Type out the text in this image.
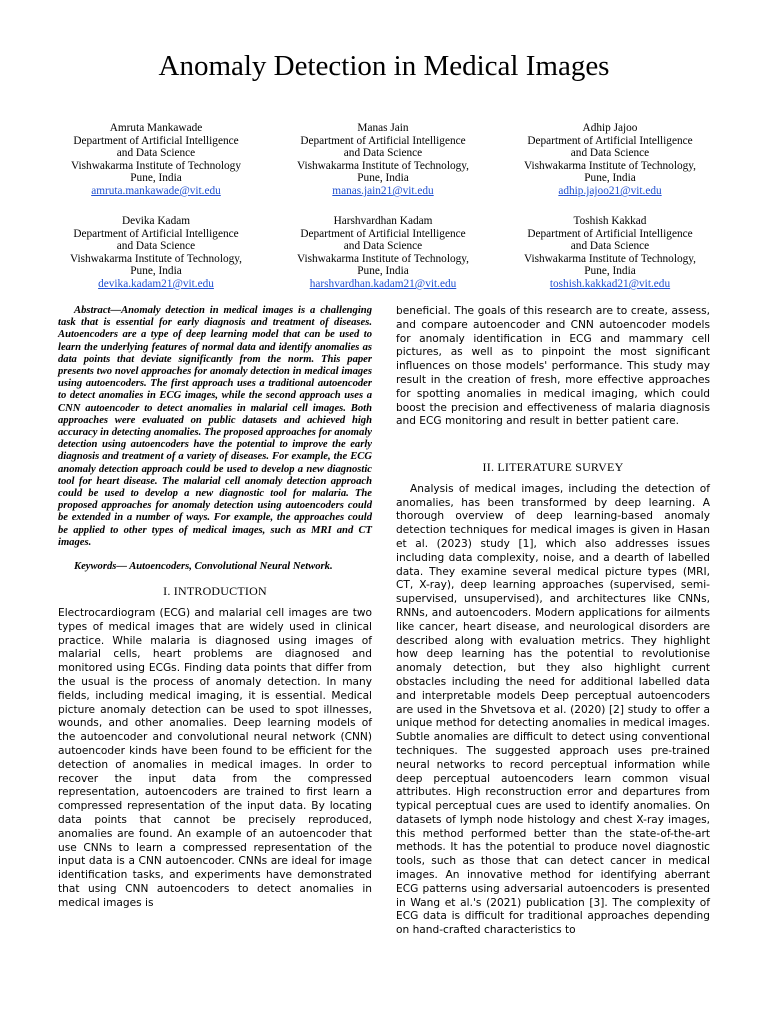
Anomaly Detection in Medical Images
Amruta Mankawade
Department of Artificial Intelligence
and Data Science
Vishwakarma Institute of Technology
Pune, India
amruta.mankawade@vit.edu
Manas Jain
Department of Artificial Intelligence
and Data Science
Vishwakarma Institute of Technology,
Pune, India
manas.jain21@vit.edu
Adhip Jajoo
Department of Artificial Intelligence
and Data Science
Vishwakarma Institute of Technology,
Pune, India
adhip.jajoo21@vit.edu
Devika Kadam
Department of Artificial Intelligence
and Data Science
Vishwakarma Institute of Technology,
Pune, India
devika.kadam21@vit.edu
Harshvardhan Kadam
Department of Artificial Intelligence
and Data Science
Vishwakarma Institute of Technology,
Pune, India
harshvardhan.kadam21@vit.edu
Toshish Kakkad
Department of Artificial Intelligence
and Data Science
Vishwakarma Institute of Technology,
Pune, India
toshish.kakkad21@vit.edu

Abstract—Anomaly detection in medical images is a challenging task that is essential for early diagnosis and treatment of diseases. Autoencoders are a type of deep learning model that can be used to learn the underlying features of normal data and identify anomalies as data points that deviate significantly from the norm. This paper presents two novel approaches for anomaly detection in medical images using autoencoders. The first approach uses a traditional autoencoder to detect anomalies in ECG images, while the second approach uses a CNN autoencoder to detect anomalies in malarial cell images. Both approaches were evaluated on public datasets and achieved high accuracy in detecting anomalies. The proposed approaches for anomaly detection using autoencoders have the potential to improve the early diagnosis and treatment of a variety of diseases. For example, the ECG anomaly detection approach could be used to develop a new diagnostic tool for heart disease. The malarial cell anomaly detection approach could be used to develop a new diagnostic tool for malaria. The proposed approaches for anomaly detection using autoencoders could be extended in a number of ways. For example, the approaches could be applied to other types of medical images, such as MRI and CT images.

Keywords— Autoencoders, Convolutional Neural Network.

I. INTRODUCTION

Electrocardiogram (ECG) and malarial cell images are two types of medical images that are widely used in clinical practice. While malaria is diagnosed using images of malarial cells, heart problems are diagnosed and monitored using ECGs. Finding data points that differ from the usual is the process of anomaly detection. In many fields, including medical imaging, it is essential. Medical picture anomaly detection can be used to spot illnesses, wounds, and other anomalies. Deep learning models of the autoencoder and convolutional neural network (CNN) autoencoder kinds have been found to be efficient for the detection of anomalies in medical images. In order to recover the input data from the compressed representation, autoencoders are trained to first learn a compressed representation of the input data. By locating data points that cannot be precisely reproduced, anomalies are found. An example of an autoencoder that use CNNs to learn a compressed representation of the input data is a CNN autoencoder. CNNs are ideal for image identification tasks, and experiments have demonstrated that using CNN autoencoders to detect anomalies in medical images is

beneficial. The goals of this research are to create, assess, and compare autoencoder and CNN autoencoder models for anomaly identification in ECG and mammary cell pictures, as well as to pinpoint the most significant influences on those models' performance. This study may result in the creation of fresh, more effective approaches for spotting anomalies in medical imaging, which could boost the precision and effectiveness of malaria diagnosis and ECG monitoring and result in better patient care.

II. LITERATURE SURVEY

Analysis of medical images, including the detection of anomalies, has been transformed by deep learning. A thorough overview of deep learning-based anomaly detection techniques for medical images is given in Hasan et al. (2023) study [1], which also addresses issues including data complexity, noise, and a dearth of labelled data. They examine several medical picture types (MRI, CT, X-ray), deep learning approaches (supervised, semi-supervised, unsupervised), and architectures like CNNs, RNNs, and autoencoders. Modern applications for ailments like cancer, heart disease, and neurological disorders are described along with evaluation metrics. They highlight how deep learning has the potential to revolutionise anomaly detection, but they also highlight current obstacles including the need for additional labelled data and interpretable models Deep perceptual autoencoders are used in the Shvetsova et al. (2020) [2] study to offer a unique method for detecting anomalies in medical images. Subtle anomalies are difficult to detect using conventional techniques. The suggested approach uses pre-trained neural networks to record perceptual information while deep perceptual autoencoders learn common visual attributes. High reconstruction error and departures from typical perceptual cues are used to identify anomalies. On datasets of lymph node histology and chest X-ray images, this method performed better than the state-of-the-art methods. It has the potential to produce novel diagnostic tools, such as those that can detect cancer in medical images. An innovative method for identifying aberrant ECG patterns using adversarial autoencoders is presented in Wang et al.'s (2021) publication [3]. The complexity of ECG data is difficult for traditional approaches depending on hand-crafted characteristics to
